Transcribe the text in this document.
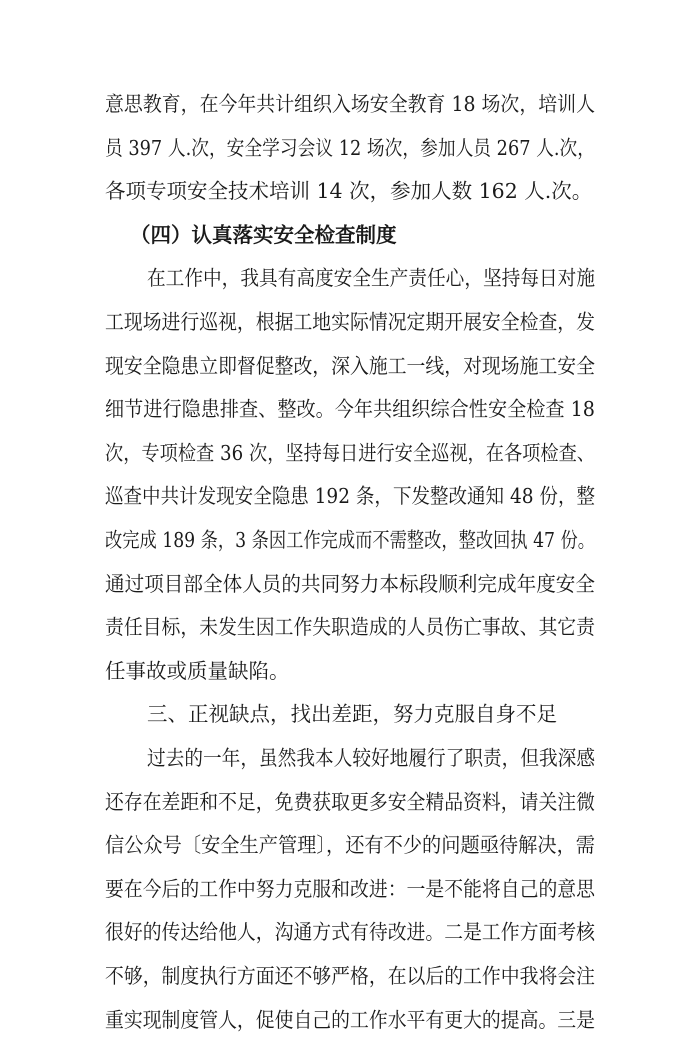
意思教育，在今年共计组织入场安全教育 18 场次，培训人
员 397 人.次，安全学习会议 12 场次，参加人员 267 人.次，
各项专项安全技术培训 14 次，参加人数 162 人.次。
（四）认真落实安全检查制度
在工作中，我具有高度安全生产责任心，坚持每日对施
工现场进行巡视，根据工地实际情况定期开展安全检查，发
现安全隐患立即督促整改，深入施工一线，对现场施工安全
细节进行隐患排查、整改。今年共组织综合性安全检查 18
次，专项检查 36 次，坚持每日进行安全巡视，在各项检查、
巡查中共计发现安全隐患 192 条，下发整改通知 48 份，整
改完成 189 条，3 条因工作完成而不需整改，整改回执 47 份。
通过项目部全体人员的共同努力本标段顺利完成年度安全
责任目标，未发生因工作失职造成的人员伤亡事故、其它责
任事故或质量缺陷。
三、正视缺点，找出差距，努力克服自身不足
过去的一年，虽然我本人较好地履行了职责，但我深感
还存在差距和不足，免费获取更多安全精品资料，请关注微
信公众号〔安全生产管理〕，还有不少的问题亟待解决，需
要在今后的工作中努力克服和改进：一是不能将自己的意思
很好的传达给他人，沟通方式有待改进。二是工作方面考核
不够，制度执行方面还不够严格，在以后的工作中我将会注
重实现制度管人，促使自己的工作水平有更大的提高。三是
